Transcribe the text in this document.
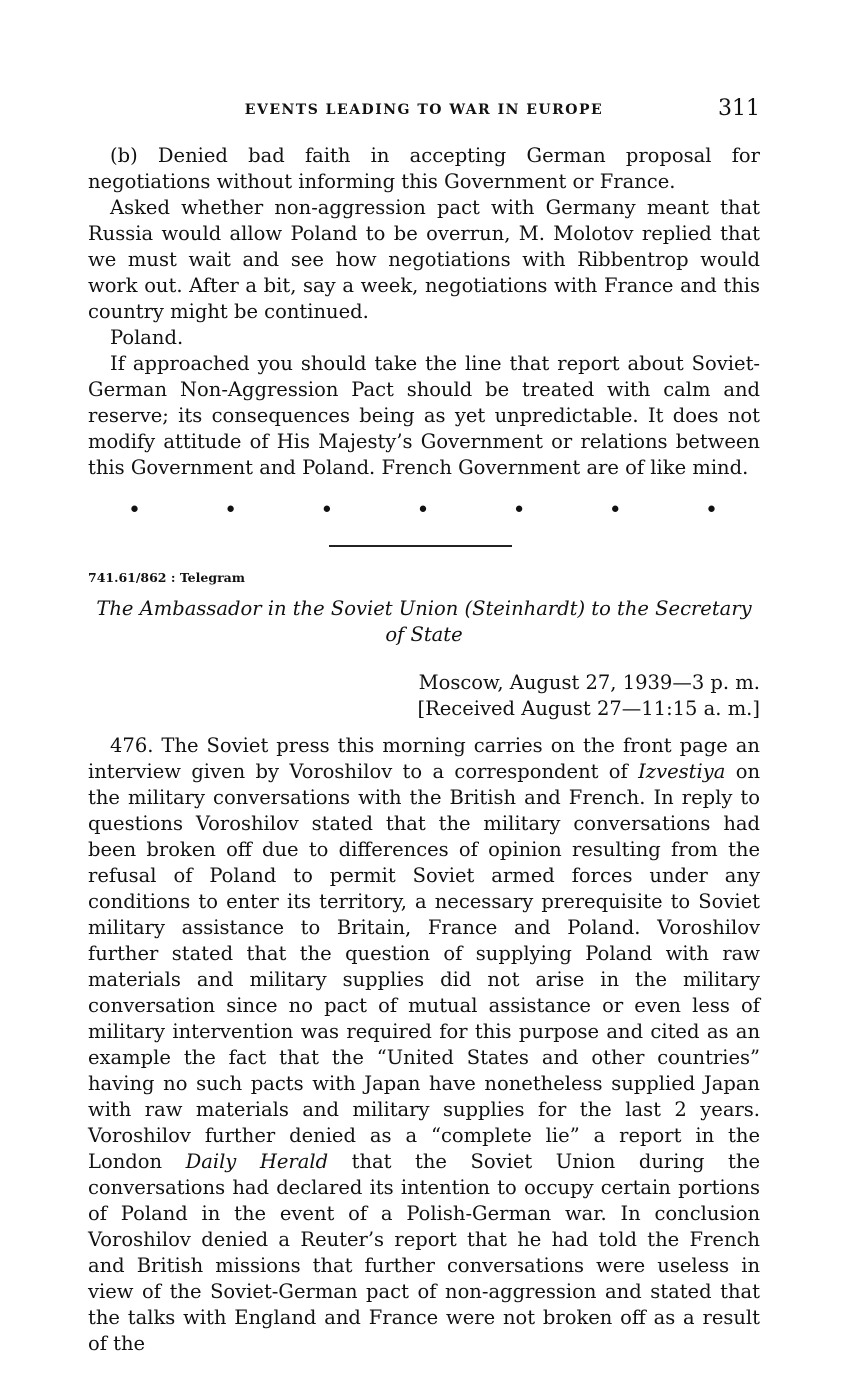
EVENTS LEADING TO WAR IN EUROPE	311

(b) Denied bad faith in accepting German proposal for negotiations without informing this Government or France.

Asked whether non-aggression pact with Germany meant that Russia would allow Poland to be overrun, M. Molotov replied that we must wait and see how negotiations with Ribbentrop would work out. After a bit, say a week, negotiations with France and this country might be continued.

Poland.

If approached you should take the line that report about Soviet-German Non-Aggression Pact should be treated with calm and reserve; its consequences being as yet unpredictable. It does not modify attitude of His Majesty’s Government or relations between this Government and Poland. French Government are of like mind.

•	•	•	•	•	•	•
741.61/862 : Telegram

The Ambassador in the Soviet Union (Steinhardt) to the Secretary of State

Moscow, August 27, 1939—3 p. m.
[Received August 27—11:15 a. m.]

476. The Soviet press this morning carries on the front page an interview given by Voroshilov to a correspondent of Izvestiya on the military conversations with the British and French. In reply to questions Voroshilov stated that the military conversations had been broken off due to differences of opinion resulting from the refusal of Poland to permit Soviet armed forces under any conditions to enter its territory, a necessary prerequisite to Soviet military assistance to Britain, France and Poland. Voroshilov further stated that the question of supplying Poland with raw materials and military supplies did not arise in the military conversation since no pact of mutual assistance or even less of military intervention was required for this purpose and cited as an example the fact that the “United States and other countries” having no such pacts with Japan have nonetheless supplied Japan with raw materials and military supplies for the last 2 years. Voroshilov further denied as a “complete lie” a report in the London Daily Herald that the Soviet Union during the conversations had declared its intention to occupy certain portions of Poland in the event of a Polish-German war. In conclusion Voroshilov denied a Reuter’s report that he had told the French and British missions that further conversations were useless in view of the Soviet-German pact of non-aggression and stated that the talks with England and France were not broken off as a result of the
